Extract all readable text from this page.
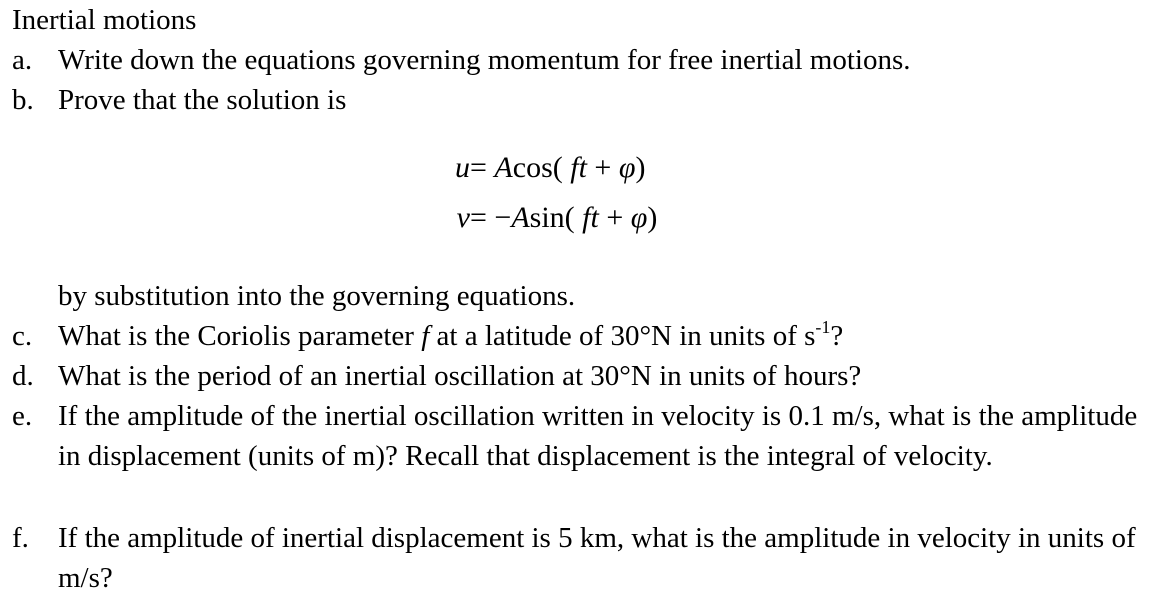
Inertial motions
a. Write down the equations governing momentum for free inertial motions.
b. Prove that the solution is
u= Acos( ft + φ)
v= −Asin( ft + φ)
by substitution into the governing equations.
c. What is the Coriolis parameter f at a latitude of 30°N in units of $s^{-1}$?
d. What is the period of an inertial oscillation at 30°N in units of hours?
e. If the amplitude of the inertial oscillation written in velocity is 0.1 m/s, what is the amplitude in displacement (units of m)? Recall that displacement is the integral of velocity.
f.	If the amplitude of inertial displacement is 5 km, what is the amplitude in velocity in units of m/s?
